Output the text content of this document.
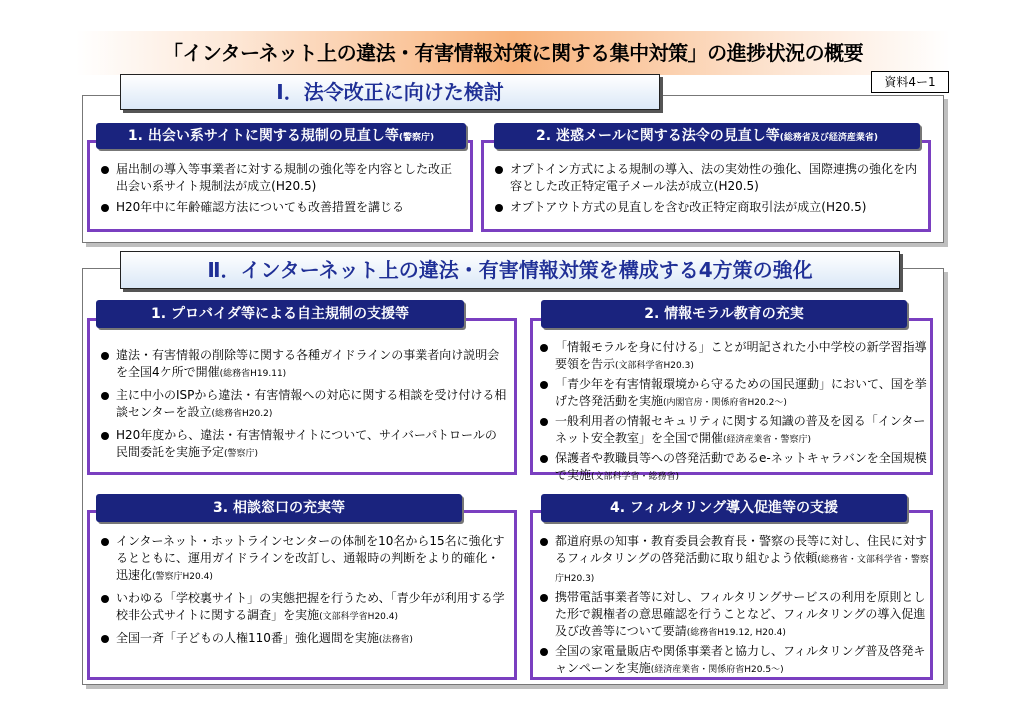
「インターネット上の違法・有害情報対策に関する集中対策」の進捗状況の概要
資料4ー1
Ⅰ．法令改正に向けた検討
届出制の導入等事業者に対する規制の強化等を内容とした改正出会い系サイト規制法が成立(H20.5)
H20年中に年齢確認方法についても改善措置を講じる
1. 出会い系サイトに関する規制の見直し等(警察庁)
オプトイン方式による規制の導入、法の実効性の強化、国際連携の強化を内容とした改正特定電子メール法が成立(H20.5)
オプトアウト方式の見直しを含む改正特定商取引法が成立(H20.5)
2. 迷惑メールに関する法令の見直し等(総務省及び経済産業省)
Ⅱ．インターネット上の違法・有害情報対策を構成する4方策の強化
違法・有害情報の削除等に関する各種ガイドラインの事業者向け説明会を全国4ケ所で開催(総務省H19.11)
主に中小のISPから違法・有害情報への対応に関する相談を受け付ける相談センターを設立(総務省H20.2)
H20年度から、違法・有害情報サイトについて、サイバーパトロールの民間委託を実施予定(警察庁)
1. プロバイダ等による自主規制の支援等
「情報モラルを身に付ける」ことが明記された小中学校の新学習指導要領を告示(文部科学省H20.3)
「青少年を有害情報環境から守るための国民運動」において、国を挙げた啓発活動を実施(内閣官房・関係府省H20.2〜)
一般利用者の情報セキュリティに関する知識の普及を図る「インターネット安全教室」を全国で開催(経済産業省・警察庁)
保護者や教職員等への啓発活動であるe-ネットキャラバンを全国規模で実施(文部科学省・総務省)
2. 情報モラル教育の充実
インターネット・ホットラインセンターの体制を10名から15名に強化するとともに、運用ガイドラインを改訂し、通報時の判断をより的確化・迅速化(警察庁H20.4)
いわゆる「学校裏サイト」の実態把握を行うため、「青少年が利用する学校非公式サイトに関する調査」を実施(文部科学省H20.4)
全国一斉「子どもの人権110番」強化週間を実施(法務省)
3. 相談窓口の充実等
都道府県の知事・教育委員会教育長・警察の長等に対し、住民に対するフィルタリングの啓発活動に取り組むよう依頼(総務省・文部科学省・警察庁H20.3)
携帯電話事業者等に対し、フィルタリングサービスの利用を原則とした形で親権者の意思確認を行うことなど、フィルタリングの導入促進及び改善等について要請(総務省H19.12, H20.4)
全国の家電量販店や関係事業者と協力し、フィルタリング普及啓発キャンペーンを実施(経済産業省・関係府省H20.5〜)
4. フィルタリング導入促進等の支援
